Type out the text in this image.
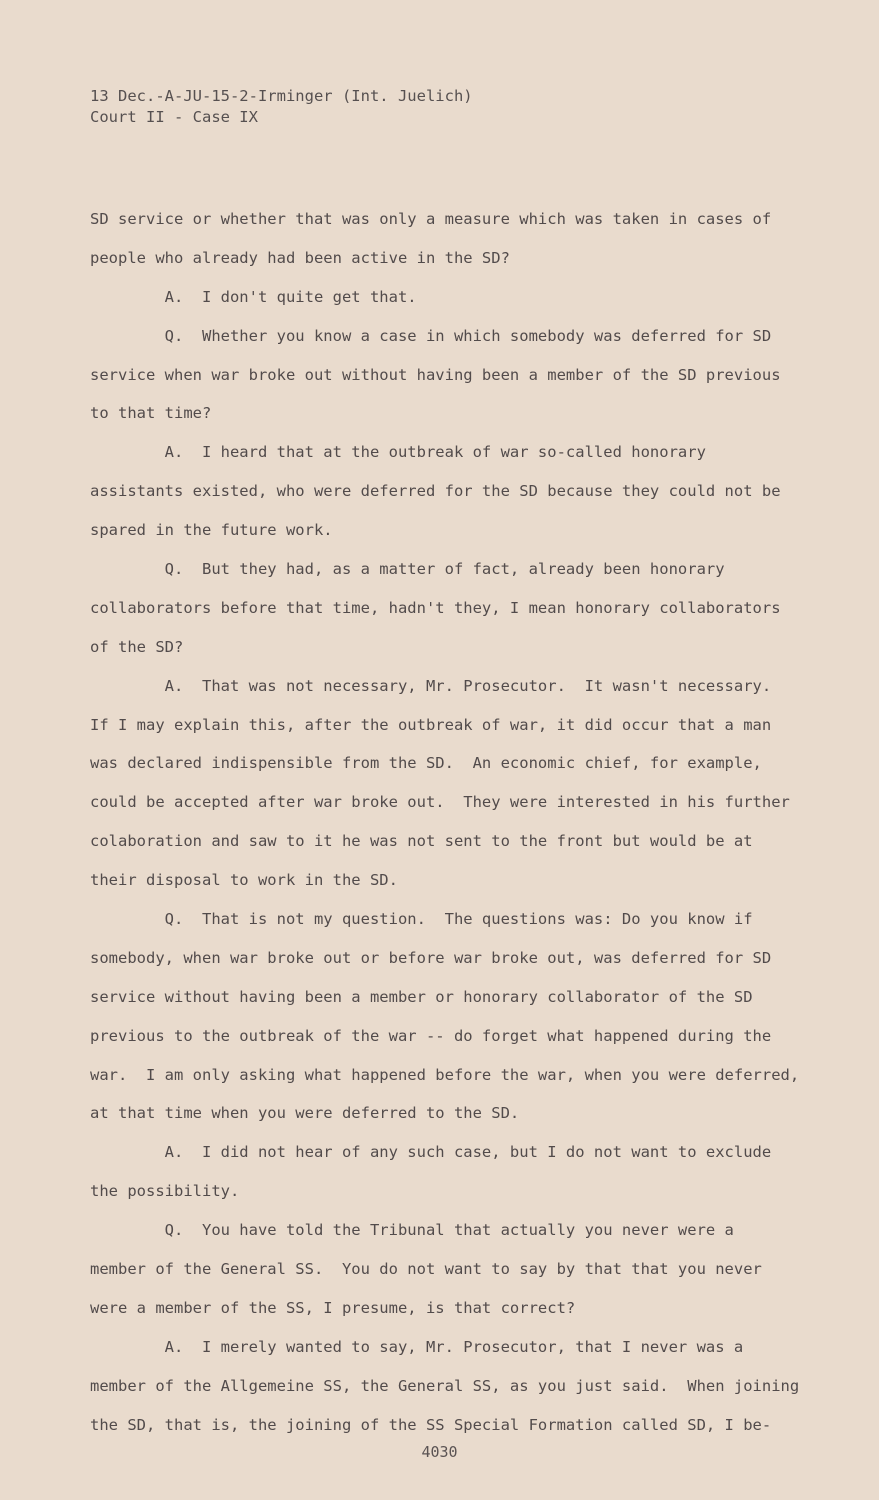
13 Dec.-A-JU-15-2-Irminger (Int. Juelich)
Court II - Case IX
SD service or whether that was only a measure which was taken in cases of
people who already had been active in the SD?
A.  I don't quite get that.
Q.  Whether you know a case in which somebody was deferred for SD
service when war broke out without having been a member of the SD previous
to that time?
A.  I heard that at the outbreak of war so-called honorary
assistants existed, who were deferred for the SD because they could not be
spared in the future work.
Q.  But they had, as a matter of fact, already been honorary
collaborators before that time, hadn't they, I mean honorary collaborators
of the SD?
A.  That was not necessary, Mr. Prosecutor.  It wasn't necessary.
If I may explain this, after the outbreak of war, it did occur that a man
was declared indispensible from the SD.  An economic chief, for example,
could be accepted after war broke out.  They were interested in his further
colaboration and saw to it he was not sent to the front but would be at
their disposal to work in the SD.
Q.  That is not my question.  The questions was: Do you know if
somebody, when war broke out or before war broke out, was deferred for SD
service without having been a member or honorary collaborator of the SD
previous to the outbreak of the war -- do forget what happened during the
war.  I am only asking what happened before the war, when you were deferred,
at that time when you were deferred to the SD.
A.  I did not hear of any such case, but I do not want to exclude
the possibility.
Q.  You have told the Tribunal that actually you never were a
member of the General SS.  You do not want to say by that that you never
were a member of the SS, I presume, is that correct?
A.  I merely wanted to say, Mr. Prosecutor, that I never was a
member of the Allgemeine SS, the General SS, as you just said.  When joining
the SD, that is, the joining of the SS Special Formation called SD, I be-
4030
